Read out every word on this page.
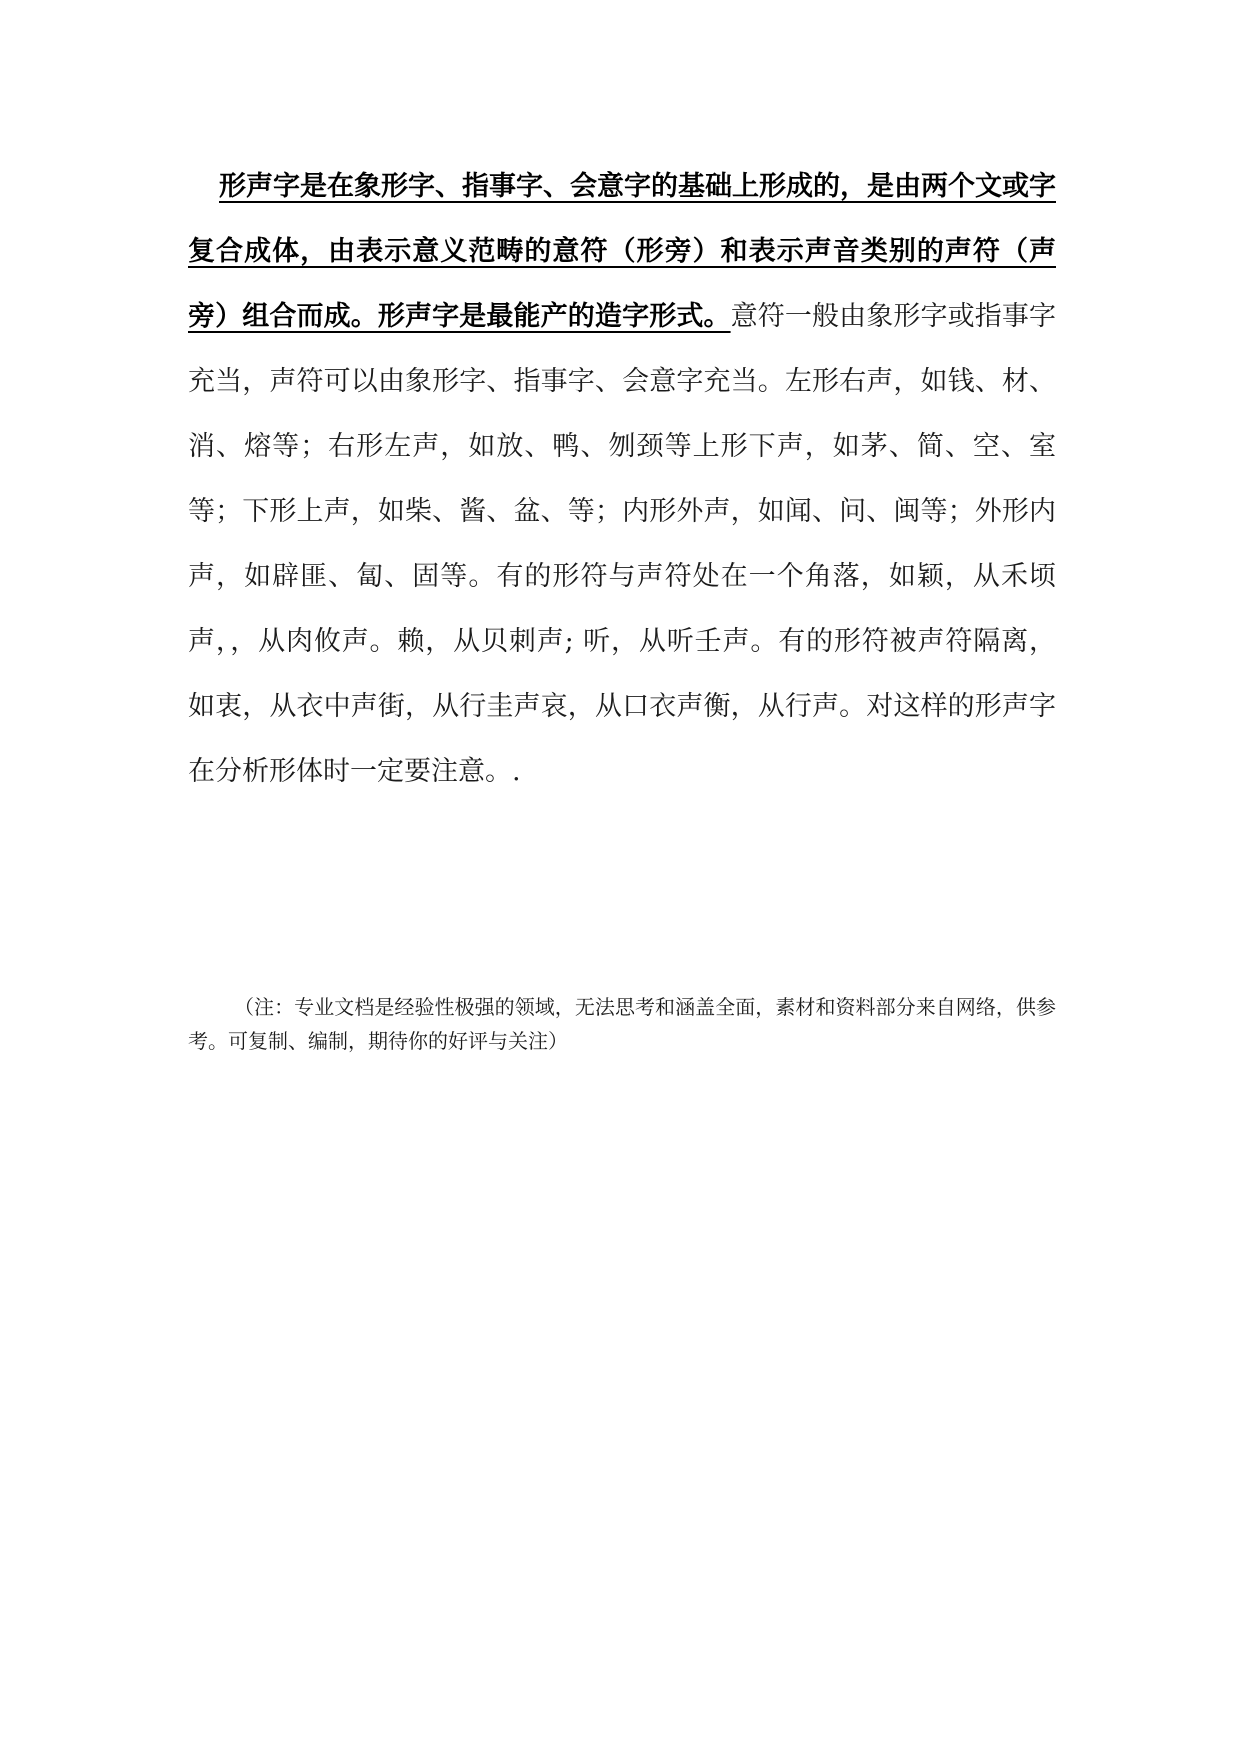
形声字是在象形字、指事字、会意字的基础上形成的，是由两个文或字复合成体，由表示意义范畴的意符（形旁）和表示声音类别的声符（声旁）组合而成。形声字是最能产的造字形式。意符一般由象形字或指事字充当，声符可以由象形字、指事字、会意字充当。左形右声，如钱、材、消、熔等；右形左声，如放、鸭、刎颈等上形下声，如茅、简、空、室等；下形上声，如柴、酱、盆、等；内形外声，如闻、问、闽等；外形内声，如辟匪、匐、固等。有的形符与声符处在一个角落，如颖，从禾顷声，，从肉攸声。赖，从贝刺声; 听，从听壬声。有的形符被声符隔离，如衷，从衣中声街，从行圭声哀，从口衣声衡，从行声。对这样的形声字在分析形体时一定要注意。.

（注：专业文档是经验性极强的领域，无法思考和涵盖全面，素材和资料部分来自网络，供参考。可复制、编制，期待你的好评与关注）
